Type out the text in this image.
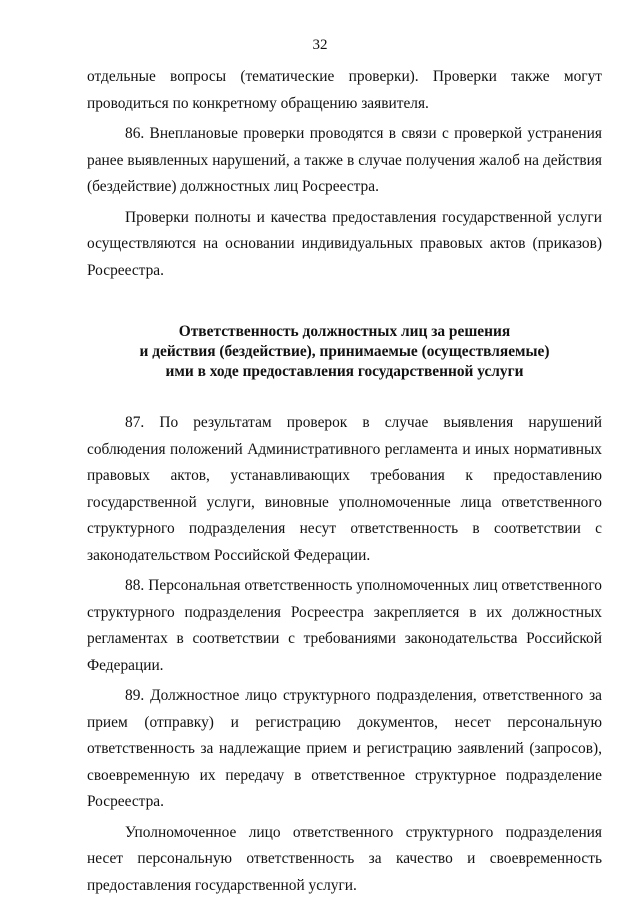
32

отдельные вопросы (тематические проверки). Проверки также могут проводиться по конкретному обращению заявителя.

86. Внеплановые проверки проводятся в связи с проверкой устранения ранее выявленных нарушений, а также в случае получения жалоб на действия (бездействие) должностных лиц Росреестра.

Проверки полноты и качества предоставления государственной услуги осуществляются на основании индивидуальных правовых актов (приказов) Росреестра.

Ответственность должностных лиц за решения
и действия (бездействие), принимаемые (осуществляемые)
ими в ходе предоставления государственной услуги

87. По результатам проверок в случае выявления нарушений соблюдения положений Административного регламента и иных нормативных правовых актов, устанавливающих требования к предоставлению государственной услуги, виновные уполномоченные лица ответственного структурного подразделения несут ответственность в соответствии с законодательством Российской Федерации.

88. Персональная ответственность уполномоченных лиц ответственного структурного подразделения Росреестра закрепляется в их должностных регламентах в соответствии с требованиями законодательства Российской Федерации.

89. Должностное лицо структурного подразделения, ответственного за прием (отправку) и регистрацию документов, несет персональную ответственность за надлежащие прием и регистрацию заявлений (запросов), своевременную их передачу в ответственное структурное подразделение Росреестра.

Уполномоченное лицо ответственного структурного подразделения несет персональную ответственность за качество и своевременность предоставления государственной услуги.
